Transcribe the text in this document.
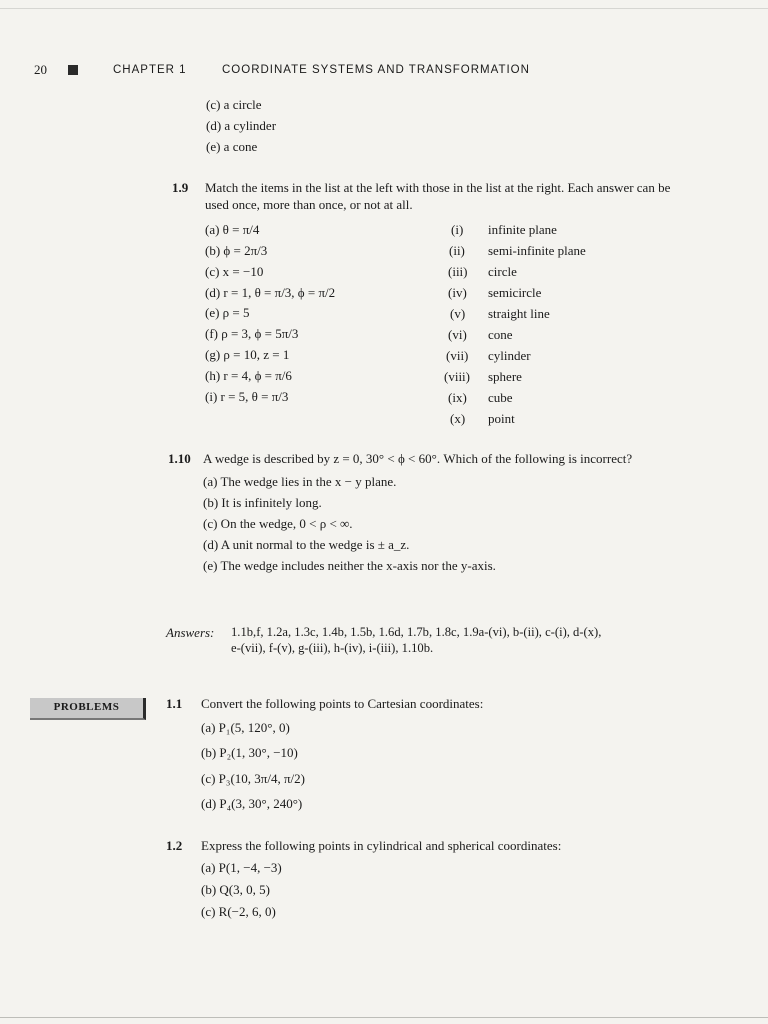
20	CHAPTER 1	COORDINATE SYSTEMS AND TRANSFORMATION
(c) a circle
(d) a cylinder
(e) a cone
1.9 Match the items in the list at the left with those in the list at the right. Each answer can be
used once, more than once, or not at all.
(a) θ = π/4
(b) ϕ = 2π/3
(c) x = −10
(d) r = 1, θ = π/3, ϕ = π/2
(e) ρ = 5
(f) ρ = 3, ϕ = 5π/3
(g) ρ = 10, z = 1
(h) r = 4, ϕ = π/6
(i) r = 5, θ = π/3
(i) infinite plane
(ii) semi-infinite plane
(iii) circle
(iv) semicircle
(v) straight line
(vi) cone
(vii) cylinder
(viii) sphere
(ix) cube
(x) point
1.10 A wedge is described by z = 0, 30° < ϕ < 60°. Which of the following is incorrect?
(a) The wedge lies in the x − y plane.
(b) It is infinitely long.
(c) On the wedge, 0 < ρ < ∞.
(d) A unit normal to the wedge is ± a_z.
(e) The wedge includes neither the x-axis nor the y-axis.
Answers: 1.1b,f, 1.2a, 1.3c, 1.4b, 1.5b, 1.6d, 1.7b, 1.8c, 1.9a-(vi), b-(ii), c-(i), d-(x),
e-(vii), f-(v), g-(iii), h-(iv), i-(iii), 1.10b.
PROBLEMS	1.1 Convert the following points to Cartesian coordinates:
(a) P₁(5, 120°, 0)
(b) P₂(1, 30°, −10)
(c) P₃(10, 3π/4, π/2)
(d) P₄(3, 30°, 240°)
1.2 Express the following points in cylindrical and spherical coordinates:
(a) P(1, −4, −3)
(b) Q(3, 0, 5)
(c) R(−2, 6, 0)
